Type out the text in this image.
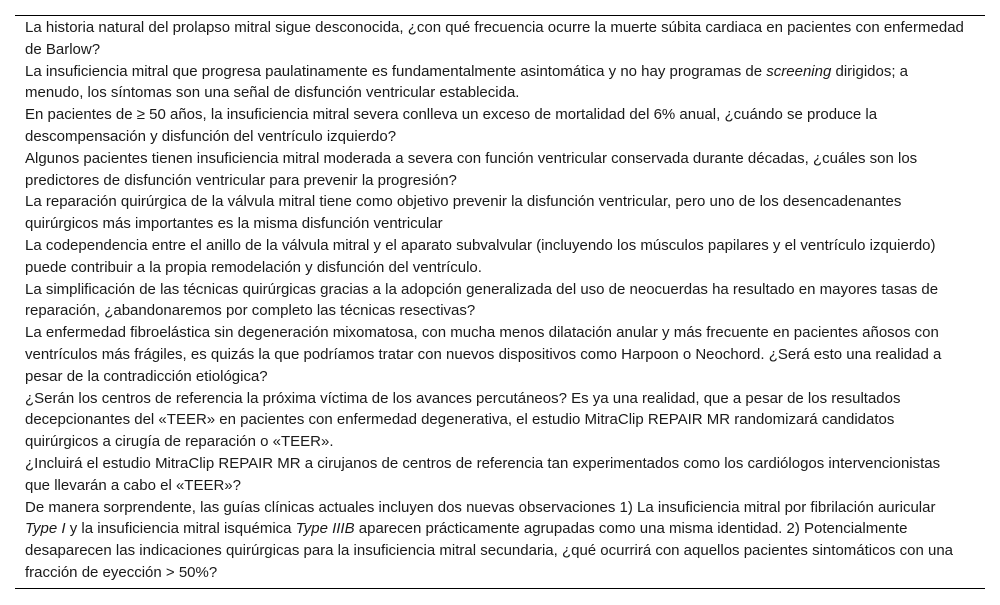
La historia natural del prolapso mitral sigue desconocida, ¿con qué frecuencia ocurre la muerte súbita cardiaca en pacientes con enfermedad de Barlow?
La insuficiencia mitral que progresa paulatinamente es fundamentalmente asintomática y no hay programas de screening dirigidos; a menudo, los síntomas son una señal de disfunción ventricular establecida.
En pacientes de ≥ 50 años, la insuficiencia mitral severa conlleva un exceso de mortalidad del 6% anual, ¿cuándo se produce la descompensación y disfunción del ventrículo izquierdo?
Algunos pacientes tienen insuficiencia mitral moderada a severa con función ventricular conservada durante décadas, ¿cuáles son los predictores de disfunción ventricular para prevenir la progresión?
La reparación quirúrgica de la válvula mitral tiene como objetivo prevenir la disfunción ventricular, pero uno de los desencadenantes quirúrgicos más importantes es la misma disfunción ventricular
La codependencia entre el anillo de la válvula mitral y el aparato subvalvular (incluyendo los músculos papilares y el ventrículo izquierdo) puede contribuir a la propia remodelación y disfunción del ventrículo.
La simplificación de las técnicas quirúrgicas gracias a la adopción generalizada del uso de neocuerdas ha resultado en mayores tasas de reparación, ¿abandonaremos por completo las técnicas resectivas?
La enfermedad fibroelástica sin degeneración mixomatosa, con mucha menos dilatación anular y más frecuente en pacientes añosos con ventrículos más frágiles, es quizás la que podríamos tratar con nuevos dispositivos como Harpoon o Neochord. ¿Será esto una realidad a pesar de la contradicción etiológica?
¿Serán los centros de referencia la próxima víctima de los avances percutáneos? Es ya una realidad, que a pesar de los resultados decepcionantes del «TEER» en pacientes con enfermedad degenerativa, el estudio MitraClip REPAIR MR randomizará candidatos quirúrgicos a cirugía de reparación o «TEER».
¿Incluirá el estudio MitraClip REPAIR MR a cirujanos de centros de referencia tan experimentados como los cardiólogos intervencionistas que llevarán a cabo el «TEER»?
De manera sorprendente, las guías clínicas actuales incluyen dos nuevas observaciones 1) La insuficiencia mitral por fibrilación auricular Type I y la insuficiencia mitral isquémica Type IIIB aparecen prácticamente agrupadas como una misma identidad. 2) Potencialmente desaparecen las indicaciones quirúrgicas para la insuficiencia mitral secundaria, ¿qué ocurrirá con aquellos pacientes sintomáticos con una fracción de eyección > 50%?
